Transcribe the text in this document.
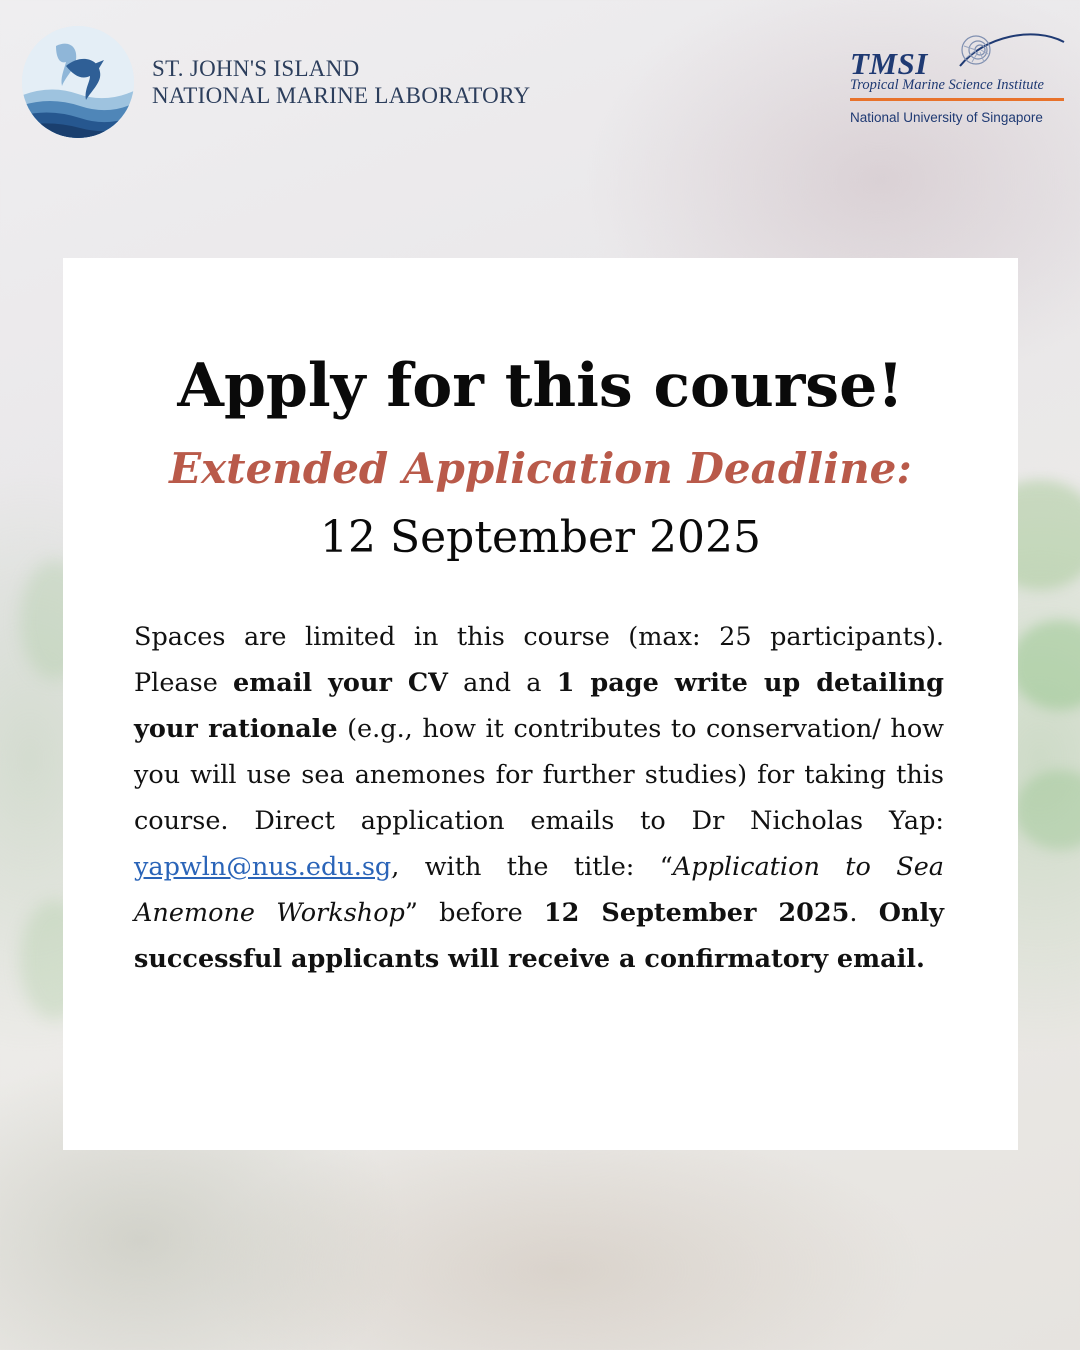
ST. JOHN'S ISLAND
NATIONAL MARINE LABORATORY
TMSI
Tropical Marine Science Institute
National University of Singapore
Apply for this course!
Extended Application Deadline:
12 September 2025
Spaces are limited in this course (max: 25 participants). Please email your CV and a 1 page write up detailing your rationale (e.g., how it contributes to conservation/ how you will use sea anemones for further studies) for taking this course. Direct application emails to Dr Nicholas Yap: yapwln@nus.edu.sg, with the title: “Application to Sea Anemone Workshop” before 12 September 2025. Only successful applicants will receive a confirmatory email.
